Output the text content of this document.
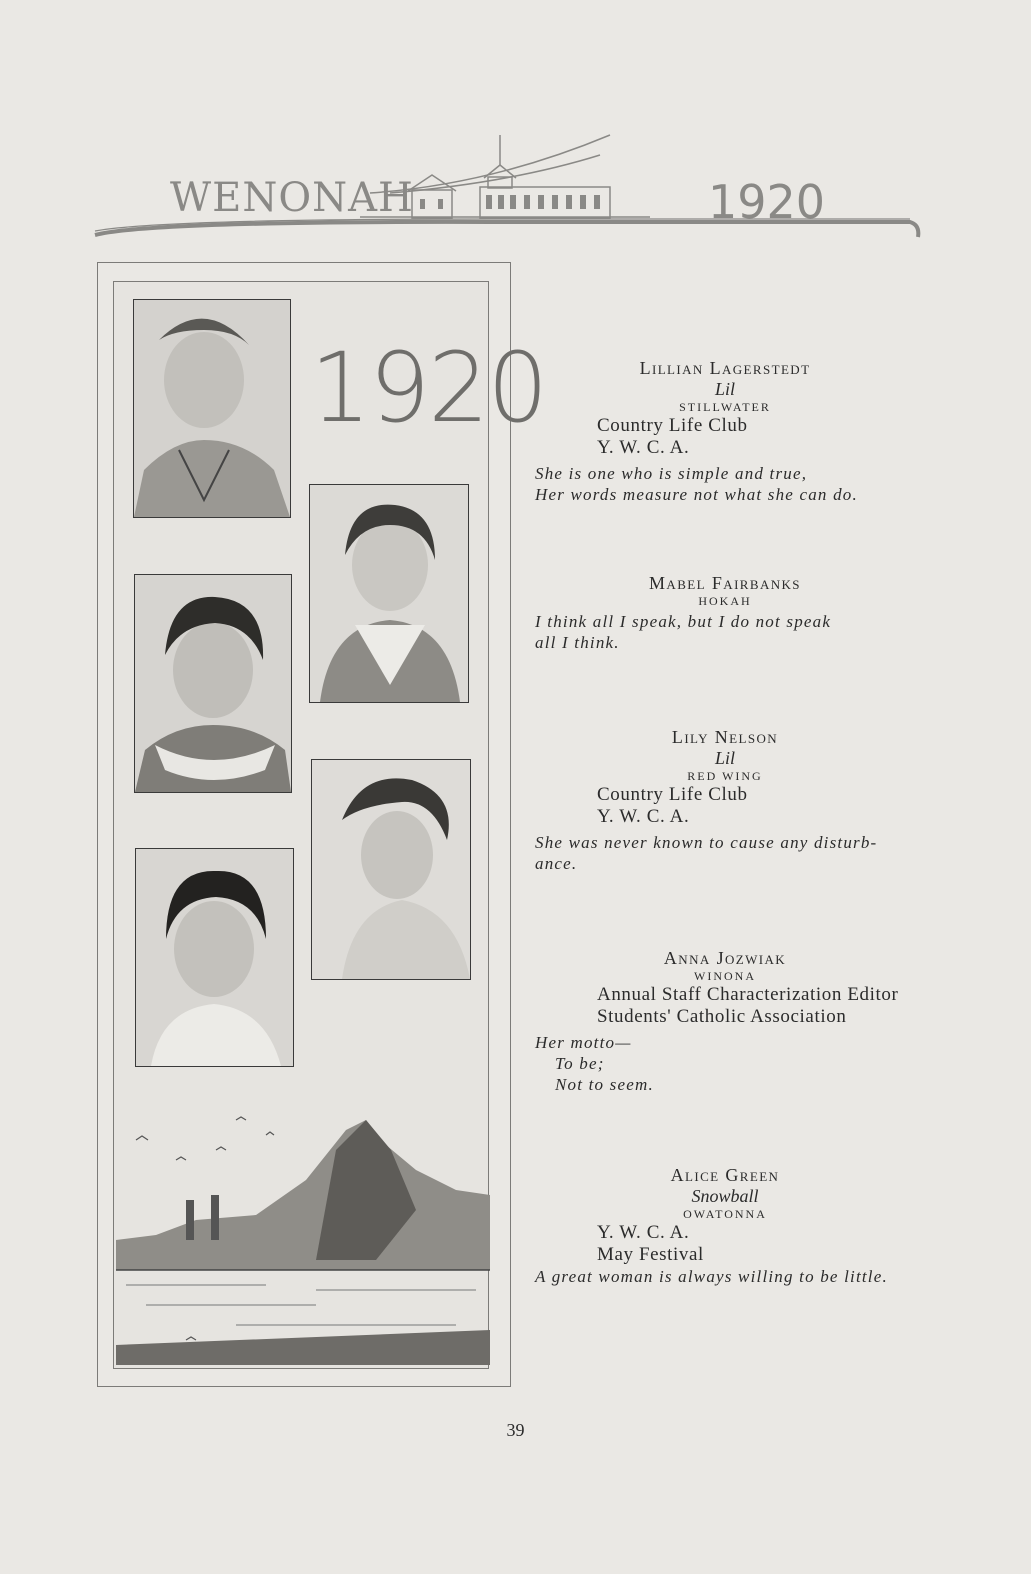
WENONAH	1920
1920	Lillian Lagerstedt
Lil
STILLWATER
Country Life Club
Y. W. C. A.
She is one who is simple and true,
Her words measure not what she can do.
Mabel Fairbanks
HOKAH
I think all I speak, but I do not speak
all I think.
Lily Nelson
Lil
RED WING
Country Life Club
Y. W. C. A.
She was never known to cause any disturb-
ance.
Anna Jozwiak
WINONA
Annual Staff Characterization Editor
Students' Catholic Association
Her motto—
To be;
Not to seem.
Alice Green
Snowball
OWATONNA
Y. W. C. A.
May Festival
A great woman is always willing to be little.
39
